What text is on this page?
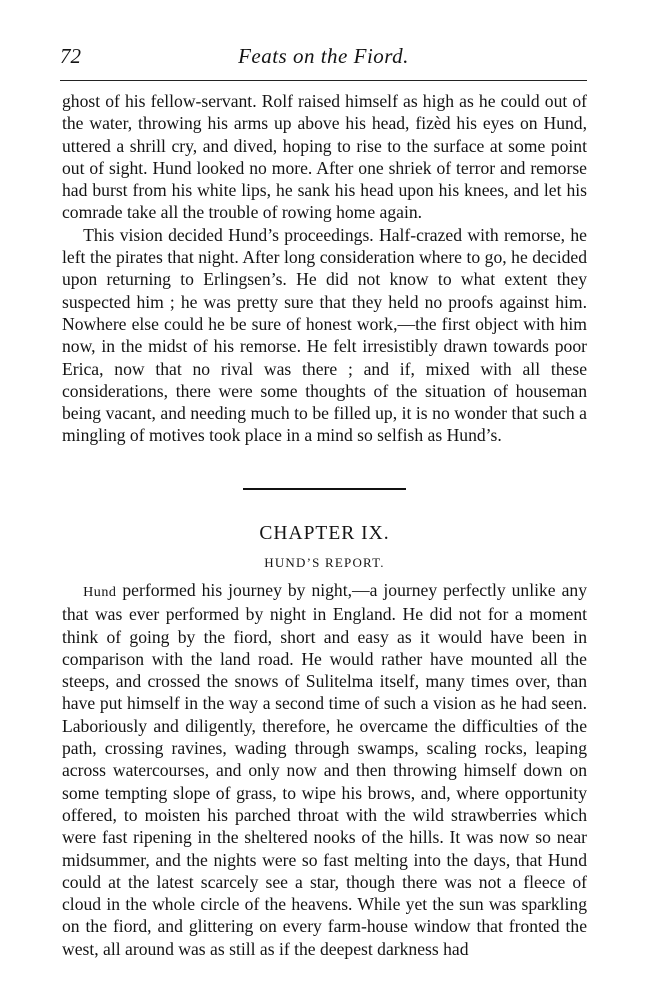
72	Feats on the Fiord.

ghost of his fellow-servant. Rolf raised himself as high as he could out of the water, throwing his arms up above his head, fizèd his eyes on Hund, uttered a shrill cry, and dived, hoping to rise to the surface at some point out of sight. Hund looked no more. After one shriek of terror and remorse had burst from his white lips, he sank his head upon his knees, and let his comrade take all the trouble of rowing home again.

This vision decided Hund’s proceedings. Half-crazed with remorse, he left the pirates that night. After long consideration where to go, he decided upon returning to Erlingsen’s. He did not know to what extent they suspected him ; he was pretty sure that they held no proofs against him. Nowhere else could he be sure of honest work,—the first object with him now, in the midst of his remorse. He felt irresistibly drawn towards poor Erica, now that no rival was there ; and if, mixed with all these considerations, there were some thoughts of the situation of houseman being vacant, and needing much to be filled up, it is no wonder that such a mingling of motives took place in a mind so selfish as Hund’s.

CHAPTER IX.
HUND’S REPORT.

Hund performed his journey by night,—a journey perfectly unlike any that was ever performed by night in England. He did not for a moment think of going by the fiord, short and easy as it would have been in comparison with the land road. He would rather have mounted all the steeps, and crossed the snows of Sulitelma itself, many times over, than have put himself in the way a second time of such a vision as he had seen. Laboriously and diligently, therefore, he overcame the difficulties of the path, crossing ravines, wading through swamps, scaling rocks, leaping across watercourses, and only now and then throwing himself down on some tempting slope of grass, to wipe his brows, and, where opportunity offered, to moisten his parched throat with the wild strawberries which were fast ripening in the sheltered nooks of the hills. It was now so near midsummer, and the nights were so fast melting into the days, that Hund could at the latest scarcely see a star, though there was not a fleece of cloud in the whole circle of the heavens. While yet the sun was sparkling on the fiord, and glittering on every farm-house window that fronted the west, all around was as still as if the deepest darkness had
